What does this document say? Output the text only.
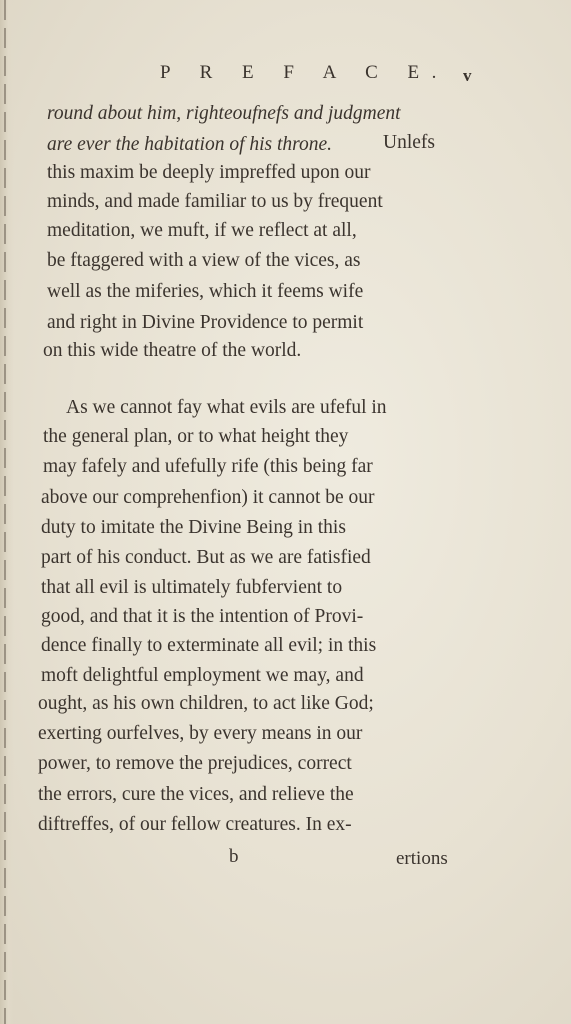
P R E F A C E. v
round about him, righteoufnefs and judgment
are ever the habitation of his throne.	Unlefs
this maxim be deeply impreffed upon our
minds, and made familiar to us by frequent
meditation, we muft, if we reflect at all,
be ftaggered with a view of the vices, as
well as the miferies, which it feems wife
and right in Divine Providence to permit
on this wide theatre of the world.
As we cannot fay what evils are ufeful in
the general plan, or to what height they
may fafely and ufefully rife (this being far
above our comprehenfion) it cannot be our
duty to imitate the Divine Being in this
part of his conduct. But as we are fatisfied
that all evil is ultimately fubfervient to
good, and that it is the intention of Provi-
dence finally to exterminate all evil; in this
moft delightful employment we may, and
ought, as his own children, to act like God;
exerting ourfelves, by every means in our
power, to remove the prejudices, correct
the errors, cure the vices, and relieve the
diftreffes, of our fellow creatures. In ex-
b	ertions
